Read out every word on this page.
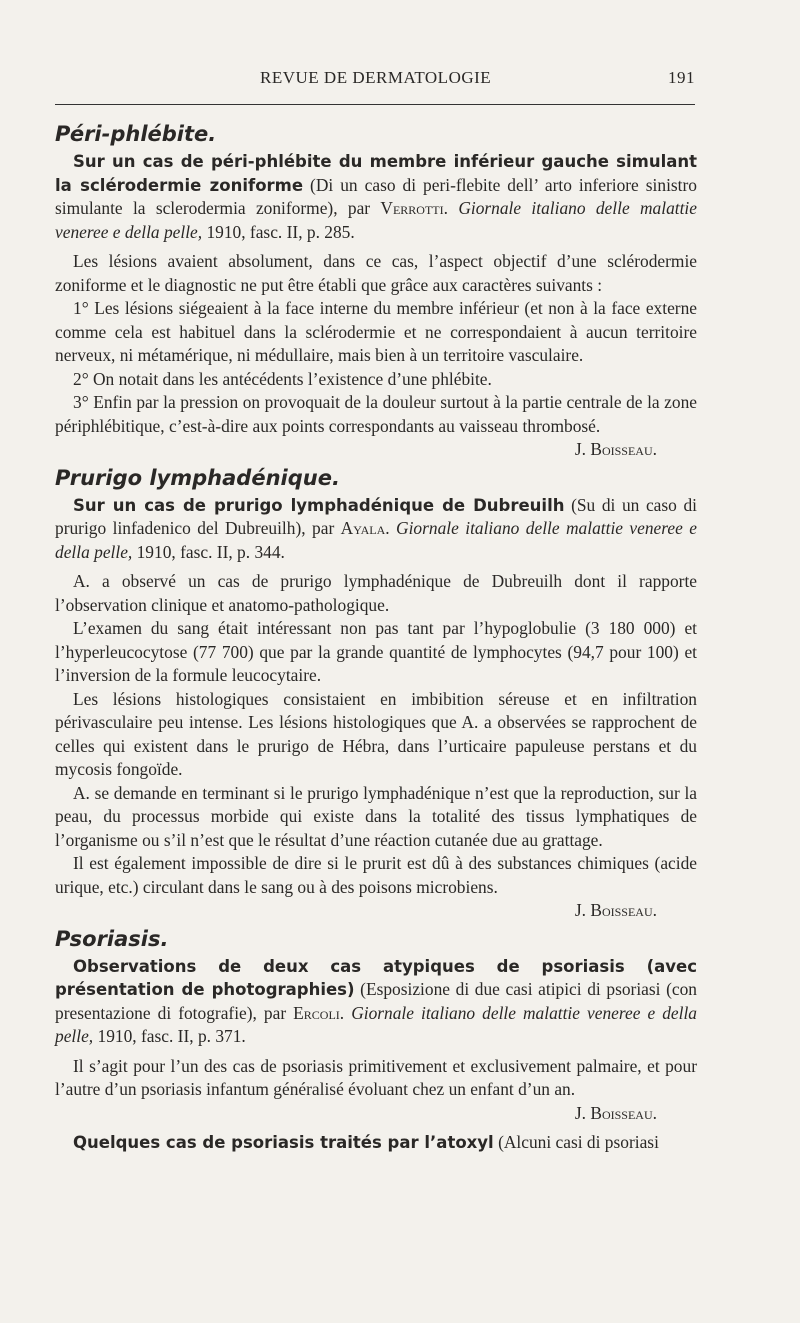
REVUE DE DERMATOLOGIE	191
Péri-phlébite.

Sur un cas de péri-phlébite du membre inférieur gauche simulant la sclérodermie zoniforme (Di un caso di peri-flebite dell’ arto inferiore sinistro simulante la sclerodermia zoniforme), par Verrotti. Giornale italiano delle malattie veneree e della pelle, 1910, fasc. II, p. 285.

Les lésions avaient absolument, dans ce cas, l’aspect objectif d’une sclérodermie zoniforme et le diagnostic ne put être établi que grâce aux caractères suivants :

1° Les lésions siégeaient à la face interne du membre inférieur (et non à la face externe comme cela est habituel dans la sclérodermie et ne correspondaient à aucun territoire nerveux, ni métamérique, ni médullaire, mais bien à un territoire vasculaire.

2° On notait dans les antécédents l’existence d’une phlébite.

3° Enfin par la pression on provoquait de la douleur surtout à la partie centrale de la zone périphlébitique, c’est-à-dire aux points correspondants au vaisseau thrombosé.

J. Boisseau.
Prurigo lymphadénique.

Sur un cas de prurigo lymphadénique de Dubreuilh (Su di un caso di prurigo linfadenico del Dubreuilh), par Ayala. Giornale italiano delle malattie veneree e della pelle, 1910, fasc. II, p. 344.

A. a observé un cas de prurigo lymphadénique de Dubreuilh dont il rapporte l’observation clinique et anatomo-pathologique.

L’examen du sang était intéressant non pas tant par l’hypoglobulie (3 180 000) et l’hyperleucocytose (77 700) que par la grande quantité de lymphocytes (94,7 pour 100) et l’inversion de la formule leucocytaire.

Les lésions histologiques consistaient en imbibition séreuse et en infiltration périvasculaire peu intense. Les lésions histologiques que A. a observées se rapprochent de celles qui existent dans le prurigo de Hébra, dans l’urticaire papuleuse perstans et du mycosis fongoïde.

A. se demande en terminant si le prurigo lymphadénique n’est que la reproduction, sur la peau, du processus morbide qui existe dans la totalité des tissus lymphatiques de l’organisme ou s’il n’est que le résultat d’une réaction cutanée due au grattage.

Il est également impossible de dire si le prurit est dû à des substances chimiques (acide urique, etc.) circulant dans le sang ou à des poisons microbiens.

J. Boisseau.
Psoriasis.

Observations de deux cas atypiques de psoriasis (avec présentation de photographies) (Esposizione di due casi atipici di psoriasi (con presentazione di fotografie), par Ercoli. Giornale italiano delle malattie veneree e della pelle, 1910, fasc. II, p. 371.

Il s’agit pour l’un des cas de psoriasis primitivement et exclusivement palmaire, et pour l’autre d’un psoriasis infantum généralisé évoluant chez un enfant d’un an.

J. Boisseau.

Quelques cas de psoriasis traités par l’atoxyl (Alcuni casi di psoriasi
